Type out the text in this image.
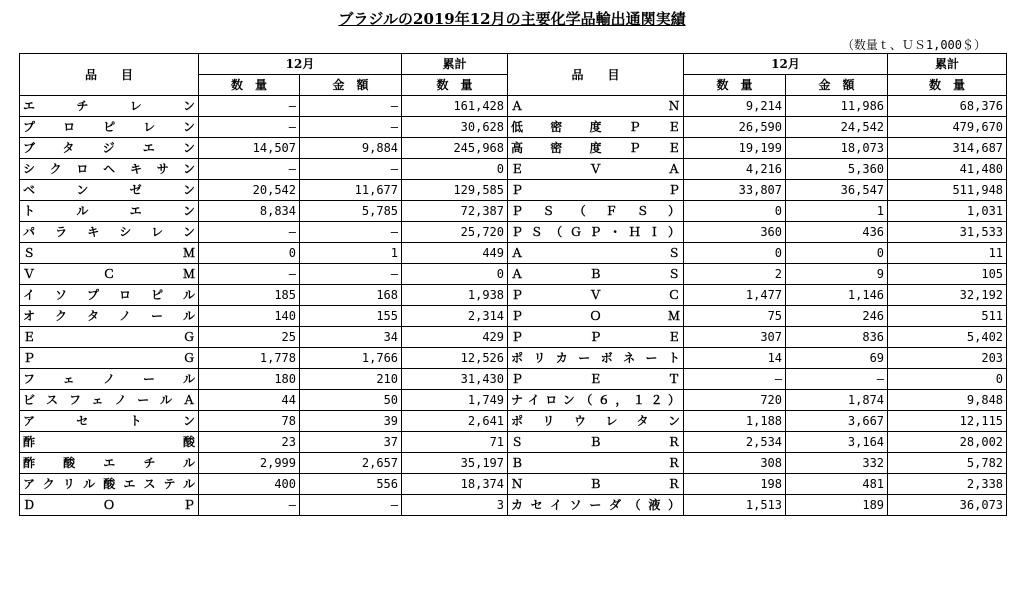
ブラジルの2019年12月の主要化学品輸出通関実績
（数量ｔ、ＵＳ1,000＄）
品　　目	12月		累計	品　　目	12月		累計
	数　量	金　額	数　量		数　量	金　額	数　量
エチレン	—	—	161,428	ＡＮ	9,214	11,986	68,376
プロピレン	—	—	30,628	低密度ＰＥ	26,590	24,542	479,670
ブタジエン	14,507	9,884	245,968	高密度ＰＥ	19,199	18,073	314,687
シクロヘキサン	—	—	0	ＥＶＡ	4,216	5,360	41,480
ベンゼン	20,542	11,677	129,585	ＰＰ	33,807	36,547	511,948
トルエン	8,834	5,785	72,387	ＰＳ（ＦＳ）	0	1	1,031
パラキシレン	—	—	25,720	ＰＳ（ＧＰ・ＨＩ）	360	436	31,533
ＳＭ	0	1	449	ＡＳ	0	0	11
ＶＣＭ	—	—	0	ＡＢＳ	2	9	105
イソプロピル	185	168	1,938	ＰＶＣ	1,477	1,146	32,192
オクタノール	140	155	2,314	ＰＯＭ	75	246	511
ＥＧ	25	34	429	ＰＰＥ	307	836	5,402
ＰＧ	1,778	1,766	12,526	ポリカーボネート	14	69	203
フェノール	180	210	31,430	ＰＥＴ	—	—	0
ビスフェノールＡ	44	50	1,749	ナイロン（６，１２）	720	1,874	9,848
アセトン	78	39	2,641	ポリウレタン	1,188	3,667	12,115
酢酸	23	37	71	ＳＢＲ	2,534	3,164	28,002
酢酸エチル	2,999	2,657	35,197	ＢＲ	308	332	5,782
アクリル酸エステル	400	556	18,374	ＮＢＲ	198	481	2,338
ＤＯＰ	—	—	3	カセイソーダ（液）	1,513	189	36,073
